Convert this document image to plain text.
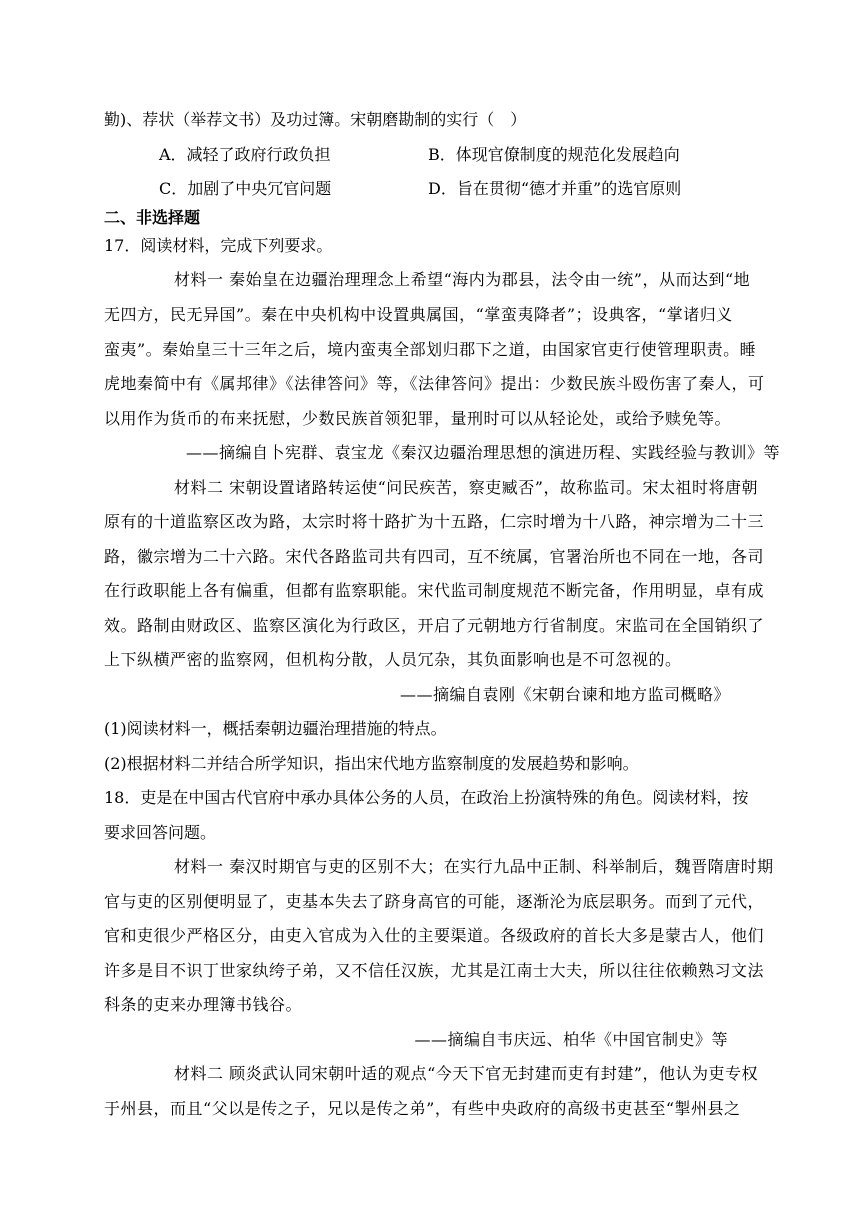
勤)、荐状（举荐文书）及功过簿。宋朝磨勘制的实行（　）
A．减轻了政府行政负担	B．体现官僚制度的规范化发展趋向
C．加剧了中央冗官问题	D．旨在贯彻“德才并重”的选官原则
二、非选择题
17．阅读材料，完成下列要求。
材料一 秦始皇在边疆治理理念上希望“海内为郡县，法令由一统”，从而达到“地
无四方，民无异国”。秦在中央机构中设置典属国，“掌蛮夷降者”；设典客，“掌诸归义
蛮夷”。秦始皇三十三年之后，境内蛮夷全部划归郡下之道，由国家官吏行使管理职责。睡
虎地秦简中有《属邦律》《法律答问》等，《法律答问》提出：少数民族斗殴伤害了秦人，可
以用作为货币的布来抚慰，少数民族首领犯罪，量刑时可以从轻论处，或给予赎免等。
——摘编自卜宪群、袁宝龙《秦汉边疆治理思想的演进历程、实践经验与教训》等
材料二 宋朝设置诸路转运使“问民疾苦，察吏臧否”，故称监司。宋太祖时将唐朝
原有的十道监察区改为路，太宗时将十路扩为十五路，仁宗时增为十八路，神宗增为二十三
路，徽宗增为二十六路。宋代各路监司共有四司，互不统属，官署治所也不同在一地，各司
在行政职能上各有偏重，但都有监察职能。宋代监司制度规范不断完备，作用明显，卓有成
效。路制由财政区、监察区演化为行政区，开启了元朝地方行省制度。宋监司在全国销织了
上下纵横严密的监察网，但机构分散，人员冗杂，其负面影响也是不可忽视的。
——摘编自袁刚《宋朝台谏和地方监司概略》
(1)阅读材料一，概括秦朝边疆治理措施的特点。
(2)根据材料二并结合所学知识，指出宋代地方监察制度的发展趋势和影响。
18．吏是在中国古代官府中承办具体公务的人员，在政治上扮演特殊的角色。阅读材料，按
要求回答问题。
材料一 秦汉时期官与吏的区别不大；在实行九品中正制、科举制后，魏晋隋唐时期
官与吏的区别便明显了，吏基本失去了跻身高官的可能，逐渐沦为底层职务。而到了元代，
官和吏很少严格区分，由吏入官成为入仕的主要渠道。各级政府的首长大多是蒙古人，他们
许多是目不识丁世家纨绔子弟，又不信任汉族，尤其是江南士大夫，所以往往依赖熟习文法
科条的吏来办理簿书钱谷。
——摘编自韦庆远、柏华《中国官制史》等
材料二 顾炎武认同宋朝叶适的观点“今天下官无封建而吏有封建”，他认为吏专权
于州县，而且“父以是传之子，兄以是传之弟”，有些中央政府的高级书吏甚至“掣州县之
